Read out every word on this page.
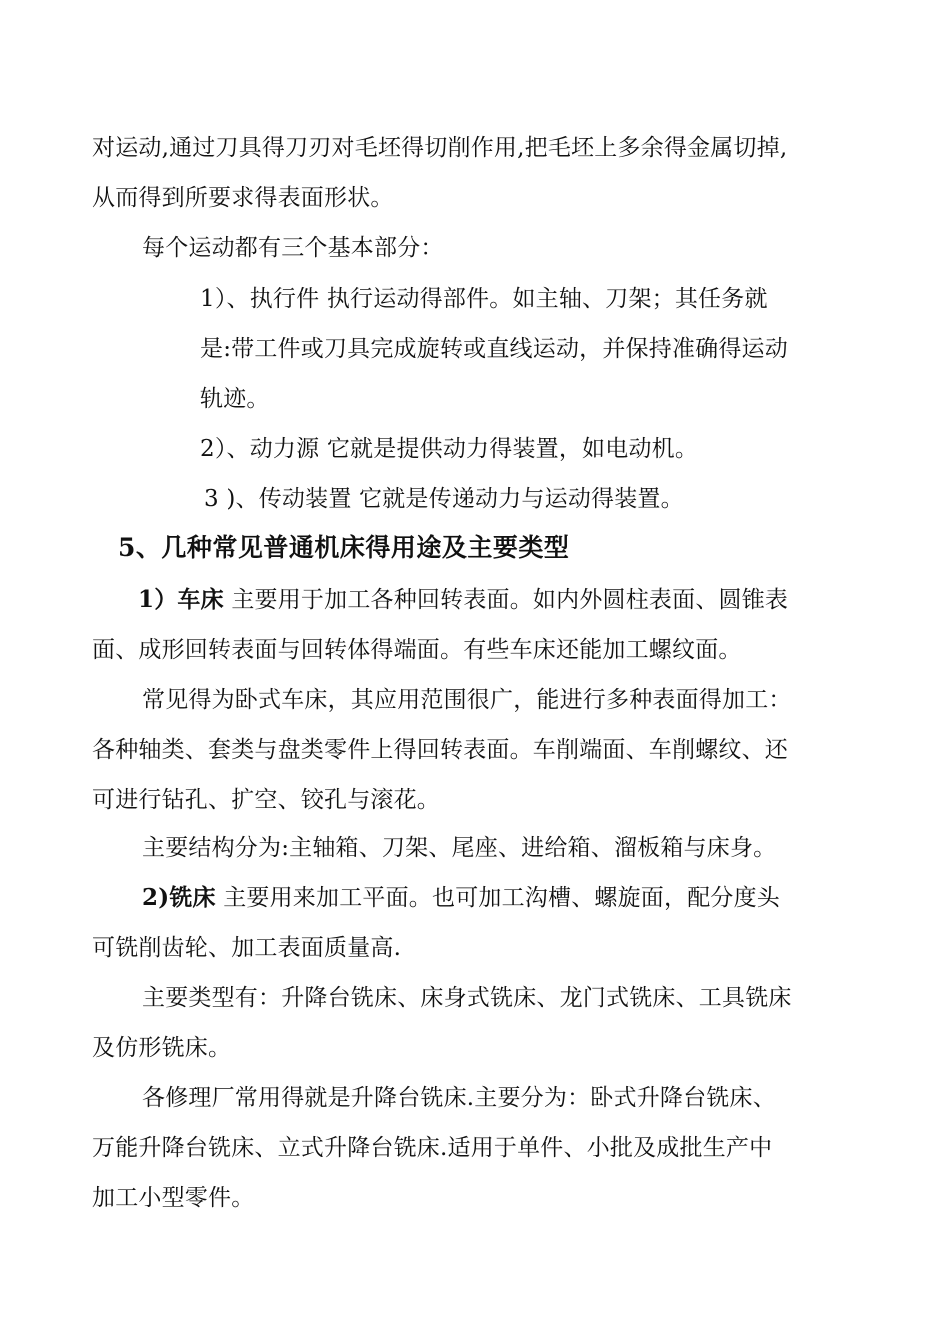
对运动,通过刀具得刀刃对毛坯得切削作用,把毛坯上多余得金属切掉,
从而得到所要求得表面形状。
每个运动都有三个基本部分：
1）、执行件 执行运动得部件。如主轴、刀架；其任务就
是:带工件或刀具完成旋转或直线运动，并保持准确得运动
轨迹。
2）、动力源 它就是提供动力得装置，如电动机。
3 )、传动装置 它就是传递动力与运动得装置。
5、几种常见普通机床得用途及主要类型
1）车床 主要用于加工各种回转表面。如内外圆柱表面、圆锥表
面、成形回转表面与回转体得端面。有些车床还能加工螺纹面。
常见得为卧式车床，其应用范围很广，能进行多种表面得加工：
各种轴类、套类与盘类零件上得回转表面。车削端面、车削螺纹、还
可进行钻孔、扩空、铰孔与滚花。
主要结构分为:主轴箱、刀架、尾座、进给箱、溜板箱与床身。
2)铣床 主要用来加工平面。也可加工沟槽、螺旋面，配分度头
可铣削齿轮、加工表面质量高.
主要类型有：升降台铣床、床身式铣床、龙门式铣床、工具铣床
及仿形铣床。
各修理厂常用得就是升降台铣床.主要分为：卧式升降台铣床、
万能升降台铣床、立式升降台铣床.适用于单件、小批及成批生产中
加工小型零件。
